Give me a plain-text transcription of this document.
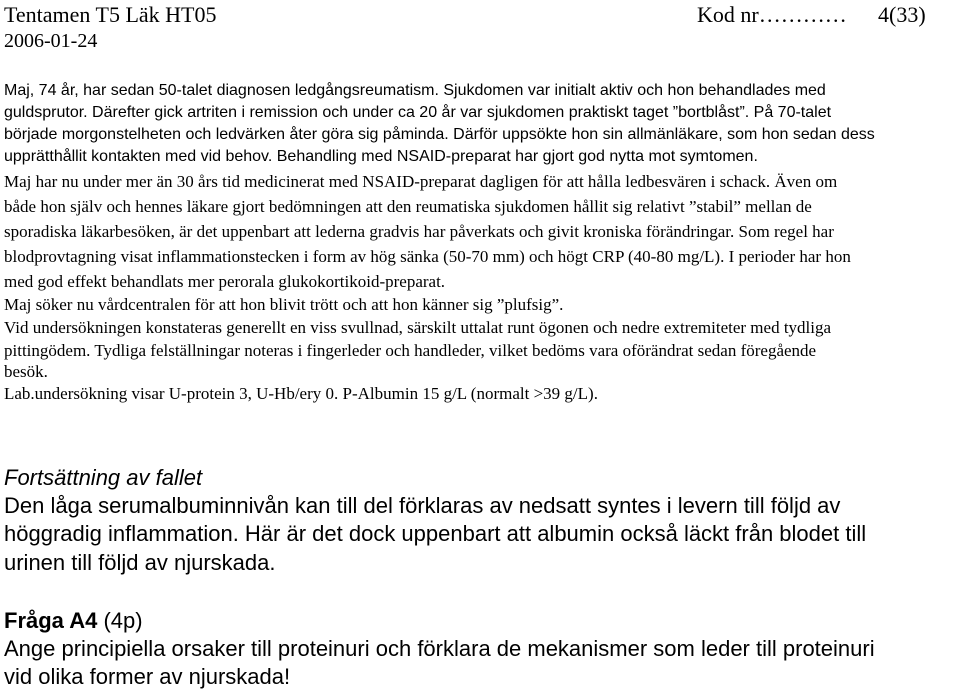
Tentamen T5 Läk HT05
2006-01-24
Kod nr………… 4(33)
Maj, 74 år, har sedan 50-talet diagnosen ledgångsreumatism. Sjukdomen var initialt aktiv och hon behandlades med
guldsprutor. Därefter gick artriten i remission och under ca 20 år var sjukdomen praktiskt taget ”bortblåst”. På 70-talet
började morgonstelheten och ledvärken åter göra sig påminda. Därför uppsökte hon sin allmänläkare, som hon sedan dess
upprätthållit kontakten med vid behov. Behandling med NSAID-preparat har gjort god nytta mot symtomen.
Maj har nu under mer än 30 års tid medicinerat med NSAID-preparat dagligen för att hålla ledbesvären i schack. Även om
både hon själv och hennes läkare gjort bedömningen att den reumatiska sjukdomen hållit sig relativt ”stabil” mellan de
sporadiska läkarbesöken, är det uppenbart att lederna gradvis har påverkats och givit kroniska förändringar. Som regel har
blodprovtagning visat inflammationstecken i form av hög sänka (50-70 mm) och högt CRP (40-80 mg/L). I perioder har hon
med god effekt behandlats mer perorala glukokortikoid-preparat.
Maj söker nu vårdcentralen för att hon blivit trött och att hon känner sig ”plufsig”.
Vid undersökningen konstateras generellt en viss svullnad, särskilt uttalat runt ögonen och nedre extremiteter med tydliga
pittingödem. Tydliga felställningar noteras i fingerleder och handleder, vilket bedöms vara oförändrat sedan föregående
besök.
Lab.undersökning visar U-protein 3, U-Hb/ery 0. P-Albumin 15 g/L (normalt >39 g/L).
Fortsättning av fallet
Den låga serumalbuminnivån kan till del förklaras av nedsatt syntes i levern till följd av
höggradig inflammation. Här är det dock uppenbart att albumin också läckt från blodet till
urinen till följd av njurskada.
Fråga A4 (4p)
Ange principiella orsaker till proteinuri och förklara de mekanismer som leder till proteinuri
vid olika former av njurskada!
